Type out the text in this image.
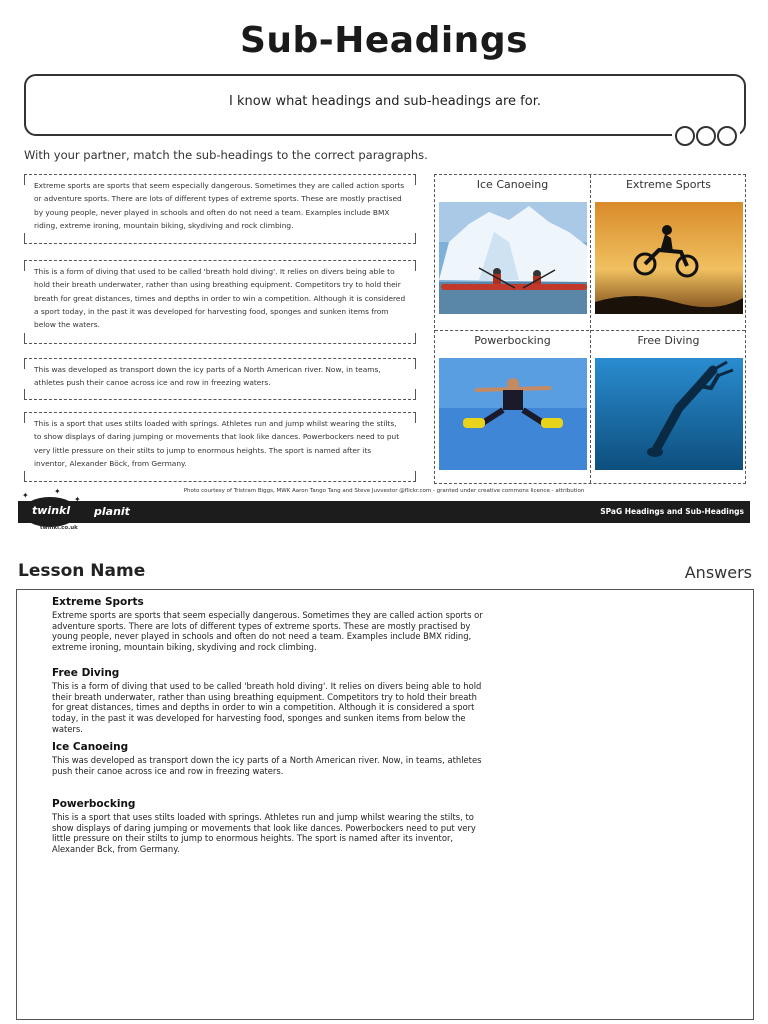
Sub-Headings
I know what headings and sub-headings are for.
With your partner, match the sub-headings to the correct paragraphs.
Extreme sports are sports that seem especially dangerous. Sometimes they are called action sports or adventure sports. There are lots of different types of extreme sports. These are mostly practised by young people, never played in schools and often do not need a team. Examples include BMX riding, extreme ironing, mountain biking, skydiving and rock climbing.
This is a form of diving that used to be called 'breath hold diving'. It relies on divers being able to hold their breath underwater, rather than using breathing equipment. Competitors try to hold their breath for great distances, times and depths in order to win a competition. Although it is considered a sport today, in the past it was developed for harvesting food, sponges and sunken items from below the waters.
This was developed as transport down the icy parts of a North American river. Now, in teams, athletes push their canoe across ice and row in freezing waters.
This is a sport that uses stilts loaded with springs. Athletes run and jump whilst wearing the stilts, to show displays of daring jumping or movements that look like dances. Powerbockers need to put very little pressure on their stilts to jump to enormous heights. The sport is named after its inventor, Alexander Böck, from Germany.
Ice Canoeing	Extreme Sports
Powerbocking	Free Diving
Photo courtesy of Tristram Biggs, MWK Aaron Tango Tang and Steve Juvvestor @flickr.com - granted under creative commons licence - attribution
planit	SPaG Headings and Sub-Headings
✦	✦
✦
twinkl
twinkl.co.uk
Lesson Name	Answers
Extreme Sports

Extreme sports are sports that seem especially dangerous. Sometimes they are called action sports or adventure sports. There are lots of different types of extreme sports. These are mostly practised by young people, never played in schools and often do not need a team. Examples include BMX riding, extreme ironing, mountain biking, skydiving and rock climbing.

Free Diving

This is a form of diving that used to be called 'breath hold diving'. It relies on divers being able to hold their breath underwater, rather than using breathing equipment. Competitors try to hold their breath for great distances, times and depths in order to win a competition. Although it is considered a sport today, in the past it was developed for harvesting food, sponges and sunken items from below the waters.

Ice Canoeing

This was developed as transport down the icy parts of a North American river. Now, in teams, athletes push their canoe across ice and row in freezing waters.

Powerbocking

This is a sport that uses stilts loaded with springs. Athletes run and jump whilst wearing the stilts, to show displays of daring jumping or movements that look like dances. Powerbockers need to put very little pressure on their stilts to jump to enormous heights. The sport is named after its inventor, Alexander Bck, from Germany.
